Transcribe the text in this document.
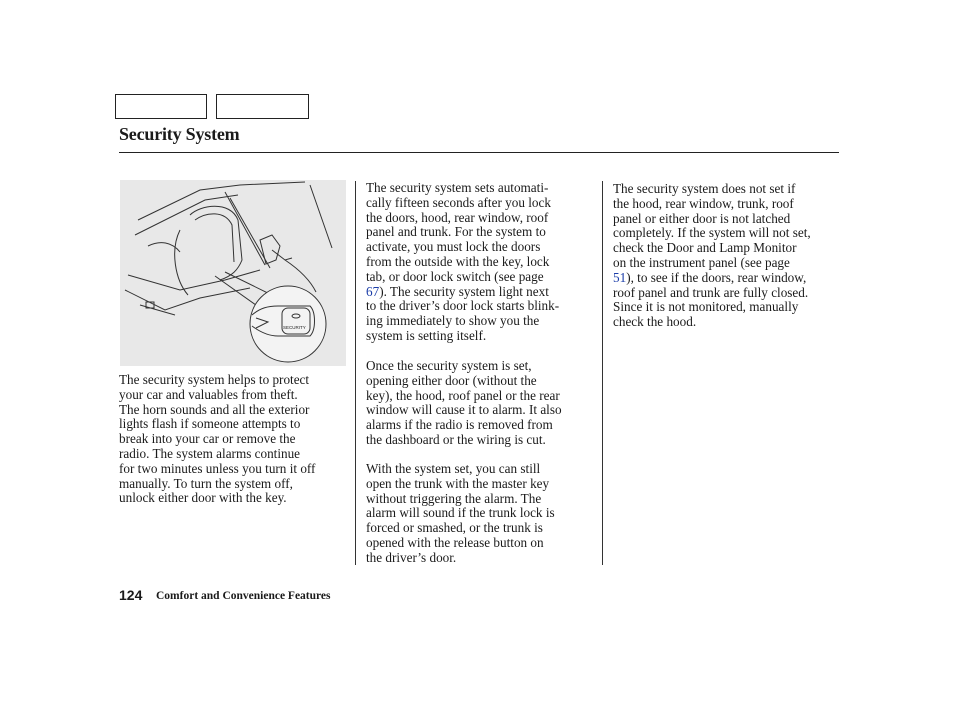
Security System
SECURITY
The security system helps to protect
your car and valuables from theft.
The horn sounds and all the exterior
lights flash if someone attempts to
break into your car or remove the
radio. The system alarms continue
for two minutes unless you turn it off
manually. To turn the system off,
unlock either door with the key.
The security system sets automati-
cally fifteen seconds after you lock
the doors, hood, rear window, roof
panel and trunk. For the system to
activate, you must lock the doors
from the outside with the key, lock
tab, or door lock switch (see page
67). The security system light next
to the driver’s door lock starts blink-
ing immediately to show you the
system is setting itself.
Once the security system is set,
opening either door (without the
key), the hood, roof panel or the rear
window will cause it to alarm. It also
alarms if the radio is removed from
the dashboard or the wiring is cut.
With the system set, you can still
open the trunk with the master key
without triggering the alarm. The
alarm will sound if the trunk lock is
forced or smashed, or the trunk is
opened with the release button on
the driver’s door.
The security system does not set if
the hood, rear window, trunk, roof
panel or either door is not latched
completely. If the system will not set,
check the Door and Lamp Monitor
on the instrument panel (see page
51), to see if the doors, rear window,
roof panel and trunk are fully closed.
Since it is not monitored, manually
check the hood.
124 Comfort and Convenience Features
